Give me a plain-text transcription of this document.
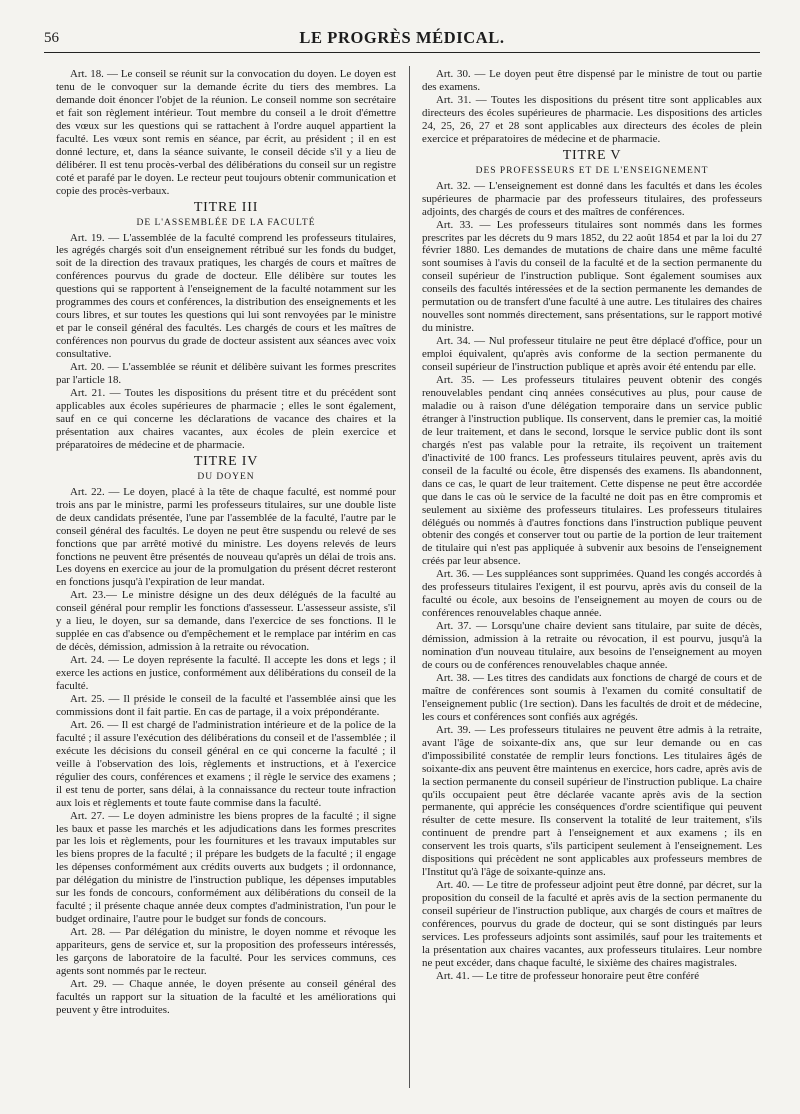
56	LE PROGRÈS MÉDICAL.

Art. 18. — Le conseil se réunit sur la convocation du doyen. Le doyen est tenu de le convoquer sur la demande écrite du tiers des membres. La demande doit énoncer l'objet de la réunion. Le conseil nomme son secrétaire et fait son règlement intérieur. Tout membre du conseil a le droit d'émettre des vœux sur les questions qui se rattachent à l'ordre auquel appartient la faculté. Les vœux sont remis en séance, par écrit, au président ; il en est donné lecture, et, dans la séance suivante, le conseil décide s'il y a lieu de délibérer. Il est tenu procès-verbal des délibérations du conseil sur un registre coté et parafé par le doyen. Le recteur peut toujours obtenir communication et copie des procès-verbaux.

TITRE III
DE L'ASSEMBLÉE DE LA FACULTÉ

Art. 19. — L'assemblée de la faculté comprend les professeurs titulaires, les agrégés chargés soit d'un enseignement rétribué sur les fonds du budget, soit de la direction des travaux pratiques, les chargés de cours et maîtres de conférences pourvus du grade de docteur. Elle délibère sur toutes les questions qui se rapportent à l'enseignement de la faculté notamment sur les programmes des cours et conférences, la distribution des enseignements et les cours libres, et sur toutes les questions qui lui sont renvoyées par le ministre et par le conseil général des facultés. Les chargés de cours et les maîtres de conférences non pourvus du grade de docteur assistent aux séances avec voix consultative.

Art. 20. — L'assemblée se réunit et délibère suivant les formes prescrites par l'article 18.

Art. 21. — Toutes les dispositions du présent titre et du précédent sont applicables aux écoles supérieures de pharmacie ; elles le sont également, sauf en ce qui concerne les déclarations de vacance des chaires et la présentation aux chaires vacantes, aux écoles de plein exercice et préparatoires de médecine et de pharmacie.

TITRE IV
DU DOYEN

Art. 22. — Le doyen, placé à la tête de chaque faculté, est nommé pour trois ans par le ministre, parmi les professeurs titulaires, sur une double liste de deux candidats présentée, l'une par l'assemblée de la faculté, l'autre par le conseil général des facultés. Le doyen ne peut être suspendu ou relevé de ses fonctions que par arrêté motivé du ministre. Les doyens relevés de leurs fonctions ne peuvent être présentés de nouveau qu'après un délai de trois ans. Les doyens en exercice au jour de la promulgation du présent décret resteront en fonctions jusqu'à l'expiration de leur mandat.

Art. 23.— Le ministre désigne un des deux délégués de la faculté au conseil général pour remplir les fonctions d'assesseur. L'assesseur assiste, s'il y a lieu, le doyen, sur sa demande, dans l'exercice de ses fonctions. Il le supplée en cas d'absence ou d'empêchement et le remplace par intérim en cas de décès, démission, admission à la retraite ou révocation.

Art. 24. — Le doyen représente la faculté. Il accepte les dons et legs ; il exerce les actions en justice, conformément aux délibérations du conseil de la faculté.

Art. 25. — Il préside le conseil de la faculté et l'assemblée ainsi que les commissions dont il fait partie. En cas de partage, il a voix prépondérante.

Art. 26. — Il est chargé de l'administration intérieure et de la police de la faculté ; il assure l'exécution des délibérations du conseil et de l'assemblée ; il exécute les décisions du conseil général en ce qui concerne la faculté ; il veille à l'observation des lois, règlements et instructions, et à l'exercice régulier des cours, conférences et examens ; il règle le service des examens ; il est tenu de porter, sans délai, à la connaissance du recteur toute infraction aux lois et règlements et toute faute commise dans la faculté.

Art. 27. — Le doyen administre les biens propres de la faculté ; il signe les baux et passe les marchés et les adjudications dans les formes prescrites par les lois et règlements, pour les fournitures et les travaux imputables sur les biens propres de la faculté ; il prépare les budgets de la faculté ; il engage les dépenses conformément aux crédits ouverts aux budgets ; il ordonnance, par délégation du ministre de l'instruction publique, les dépenses imputables sur les fonds de concours, conformément aux délibérations du conseil de la faculté ; il présente chaque année deux comptes d'administration, l'un pour le budget ordinaire, l'autre pour le budget sur fonds de concours.

Art. 28. — Par délégation du ministre, le doyen nomme et révoque les appariteurs, gens de service et, sur la proposition des professeurs intéressés, les garçons de laboratoire de la faculté. Pour les services communs, ces agents sont nommés par le recteur.

Art. 29. — Chaque année, le doyen présente au conseil général des facultés un rapport sur la situation de la faculté et les améliorations qui peuvent y être introduites.

Art. 30. — Le doyen peut être dispensé par le ministre de tout ou partie des examens.

Art. 31. — Toutes les dispositions du présent titre sont applicables aux directeurs des écoles supérieures de pharmacie. Les dispositions des articles 24, 25, 26, 27 et 28 sont applicables aux directeurs des écoles de plein exercice et préparatoires de médecine et de pharmacie.

TITRE V
DES PROFESSEURS ET DE L'ENSEIGNEMENT

Art. 32. — L'enseignement est donné dans les facultés et dans les écoles supérieures de pharmacie par des professeurs titulaires, des professeurs adjoints, des chargés de cours et des maîtres de conférences.

Art. 33. — Les professeurs titulaires sont nommés dans les formes prescrites par les décrets du 9 mars 1852, du 22 août 1854 et par la loi du 27 février 1880. Les demandes de mutations de chaire dans une même faculté sont soumises à l'avis du conseil de la faculté et de la section permanente du conseil supérieur de l'instruction publique. Sont également soumises aux conseils des facultés intéressées et de la section permanente les demandes de permutation ou de transfert d'une faculté à une autre. Les titulaires des chaires nouvelles sont nommés directement, sans présentations, sur le rapport motivé du ministre.

Art. 34. — Nul professeur titulaire ne peut être déplacé d'office, pour un emploi équivalent, qu'après avis conforme de la section permanente du conseil supérieur de l'instruction publique et après avoir été entendu par elle.

Art. 35. — Les professeurs titulaires peuvent obtenir des congés renouvelables pendant cinq années consécutives au plus, pour cause de maladie ou à raison d'une délégation temporaire dans un service public étranger à l'instruction publique. Ils conservent, dans le premier cas, la moitié de leur traitement, et dans le second, lorsque le service public dont ils sont chargés n'est pas valable pour la retraite, ils reçoivent un traitement d'inactivité de 100 francs. Les professeurs titulaires peuvent, après avis du conseil de la faculté ou école, être dispensés des examens. Ils abandonnent, dans ce cas, le quart de leur traitement. Cette dispense ne peut être accordée que dans le cas où le service de la faculté ne doit pas en être compromis et seulement au sixième des professeurs titulaires. Les professeurs titulaires délégués ou nommés à d'autres fonctions dans l'instruction publique peuvent obtenir des congés et conserver tout ou partie de la portion de leur traitement de titulaire qui n'est pas appliquée à subvenir aux besoins de l'enseignement créés par leur absence.

Art. 36. — Les suppléances sont supprimées. Quand les congés accordés à des professeurs titulaires l'exigent, il est pourvu, après avis du conseil de la faculté ou école, aux besoins de l'enseignement au moyen de cours ou de conférences renouvelables chaque année.

Art. 37. — Lorsqu'une chaire devient sans titulaire, par suite de décès, démission, admission à la retraite ou révocation, il est pourvu, jusqu'à la nomination d'un nouveau titulaire, aux besoins de l'enseignement au moyen de cours ou de conférences renouvelables chaque année.

Art. 38. — Les titres des candidats aux fonctions de chargé de cours et de maître de conférences sont soumis à l'examen du comité consultatif de l'enseignement public (1re section). Dans les facultés de droit et de médecine, les cours et conférences sont confiés aux agrégés.

Art. 39. — Les professeurs titulaires ne peuvent être admis à la retraite, avant l'âge de soixante-dix ans, que sur leur demande ou en cas d'impossibilité constatée de remplir leurs fonctions. Les titulaires âgés de soixante-dix ans peuvent être maintenus en exercice, hors cadre, après avis de la section permanente du conseil supérieur de l'instruction publique. La chaire qu'ils occupaient peut être déclarée vacante après avis de la section permanente, qui apprécie les conséquences d'ordre scientifique qui peuvent résulter de cette mesure. Ils conservent la totalité de leur traitement, s'ils continuent de prendre part à l'enseignement et aux examens ; ils en conservent les trois quarts, s'ils participent seulement à l'enseignement. Les dispositions qui précèdent ne sont applicables aux professeurs membres de l'Institut qu'à l'âge de soixante-quinze ans.

Art. 40. — Le titre de professeur adjoint peut être donné, par décret, sur la proposition du conseil de la faculté et après avis de la section permanente du conseil supérieur de l'instruction publique, aux chargés de cours et maîtres de conférences, pourvus du grade de docteur, qui se sont distingués par leurs services. Les professeurs adjoints sont assimilés, sauf pour les traitements et la présentation aux chaires vacantes, aux professeurs titulaires. Leur nombre ne peut excéder, dans chaque faculté, le sixième des chaires magistrales.

Art. 41. — Le titre de professeur honoraire peut être conféré
